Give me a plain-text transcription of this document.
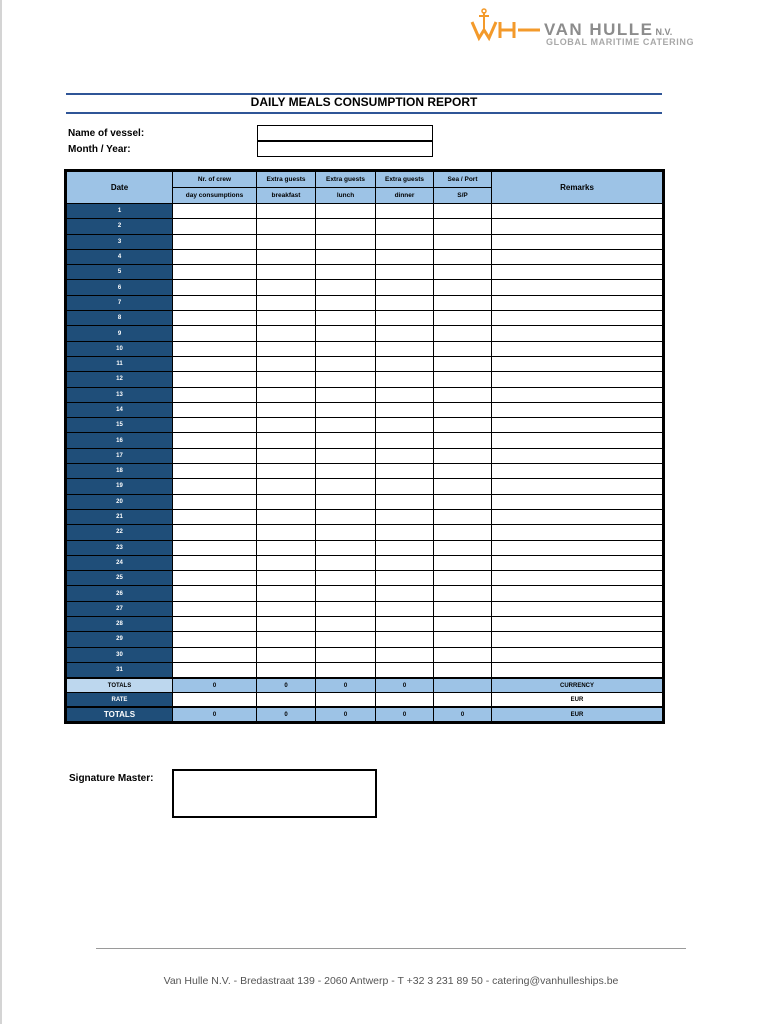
VAN HULLE N.V.
GLOBAL MARITIME CATERING
DAILY MEALS CONSUMPTION REPORT
Name of vessel:
Month / Year:
Date	Nr. of crew	Extra guests	Extra guests	Extra guests	Sea / Port	Remarks
	day consumptions	breakfast	lunch	dinner	S/P	
1						
2						
3						
4						
5						
6						
7						
8						
9						
10						
11						
12						
13						
14						
15						
16						
17						
18						
19						
20						
21						
22						
23						
24						
25						
26						
27						
28						
29						
30						
31						
TOTALS	0	0	0	0		CURRENCY
RATE						EUR
TOTALS	0	0	0	0	0	EUR
Signature Master:
Van Hulle N.V. - Bredastraat 139 - 2060 Antwerp - T +32 3 231 89 50 - catering@vanhulleships.be
